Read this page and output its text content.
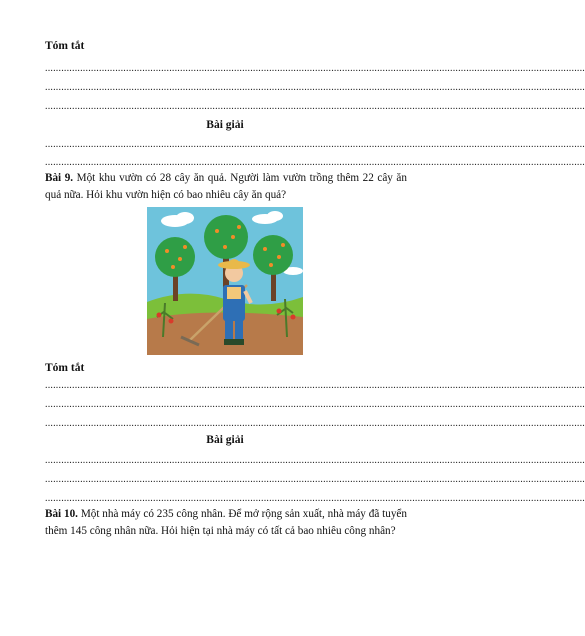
Tóm tắt
........................................................................................................................................................................................................
........................................................................................................................................................................................................
........................................................................................................................................................................................................
Bài giải
........................................................................................................................................................................................................
........................................................................................................................................................................................................
Bài 9. Một khu vườn có 28 cây ăn quả. Người làm vườn trồng thêm 22 cây ăn quả nữa. Hỏi khu vườn hiện có bao nhiêu cây ăn quả?
Tóm tắt
........................................................................................................................................................................................................
........................................................................................................................................................................................................
........................................................................................................................................................................................................
Bài giải
........................................................................................................................................................................................................
........................................................................................................................................................................................................
........................................................................................................................................................................................................
Bài 10. Một nhà máy có 235 công nhân. Để mở rộng sản xuất, nhà máy đã tuyển thêm 145 công nhân nữa. Hỏi hiện tại nhà máy có tất cả bao nhiêu công nhân?
